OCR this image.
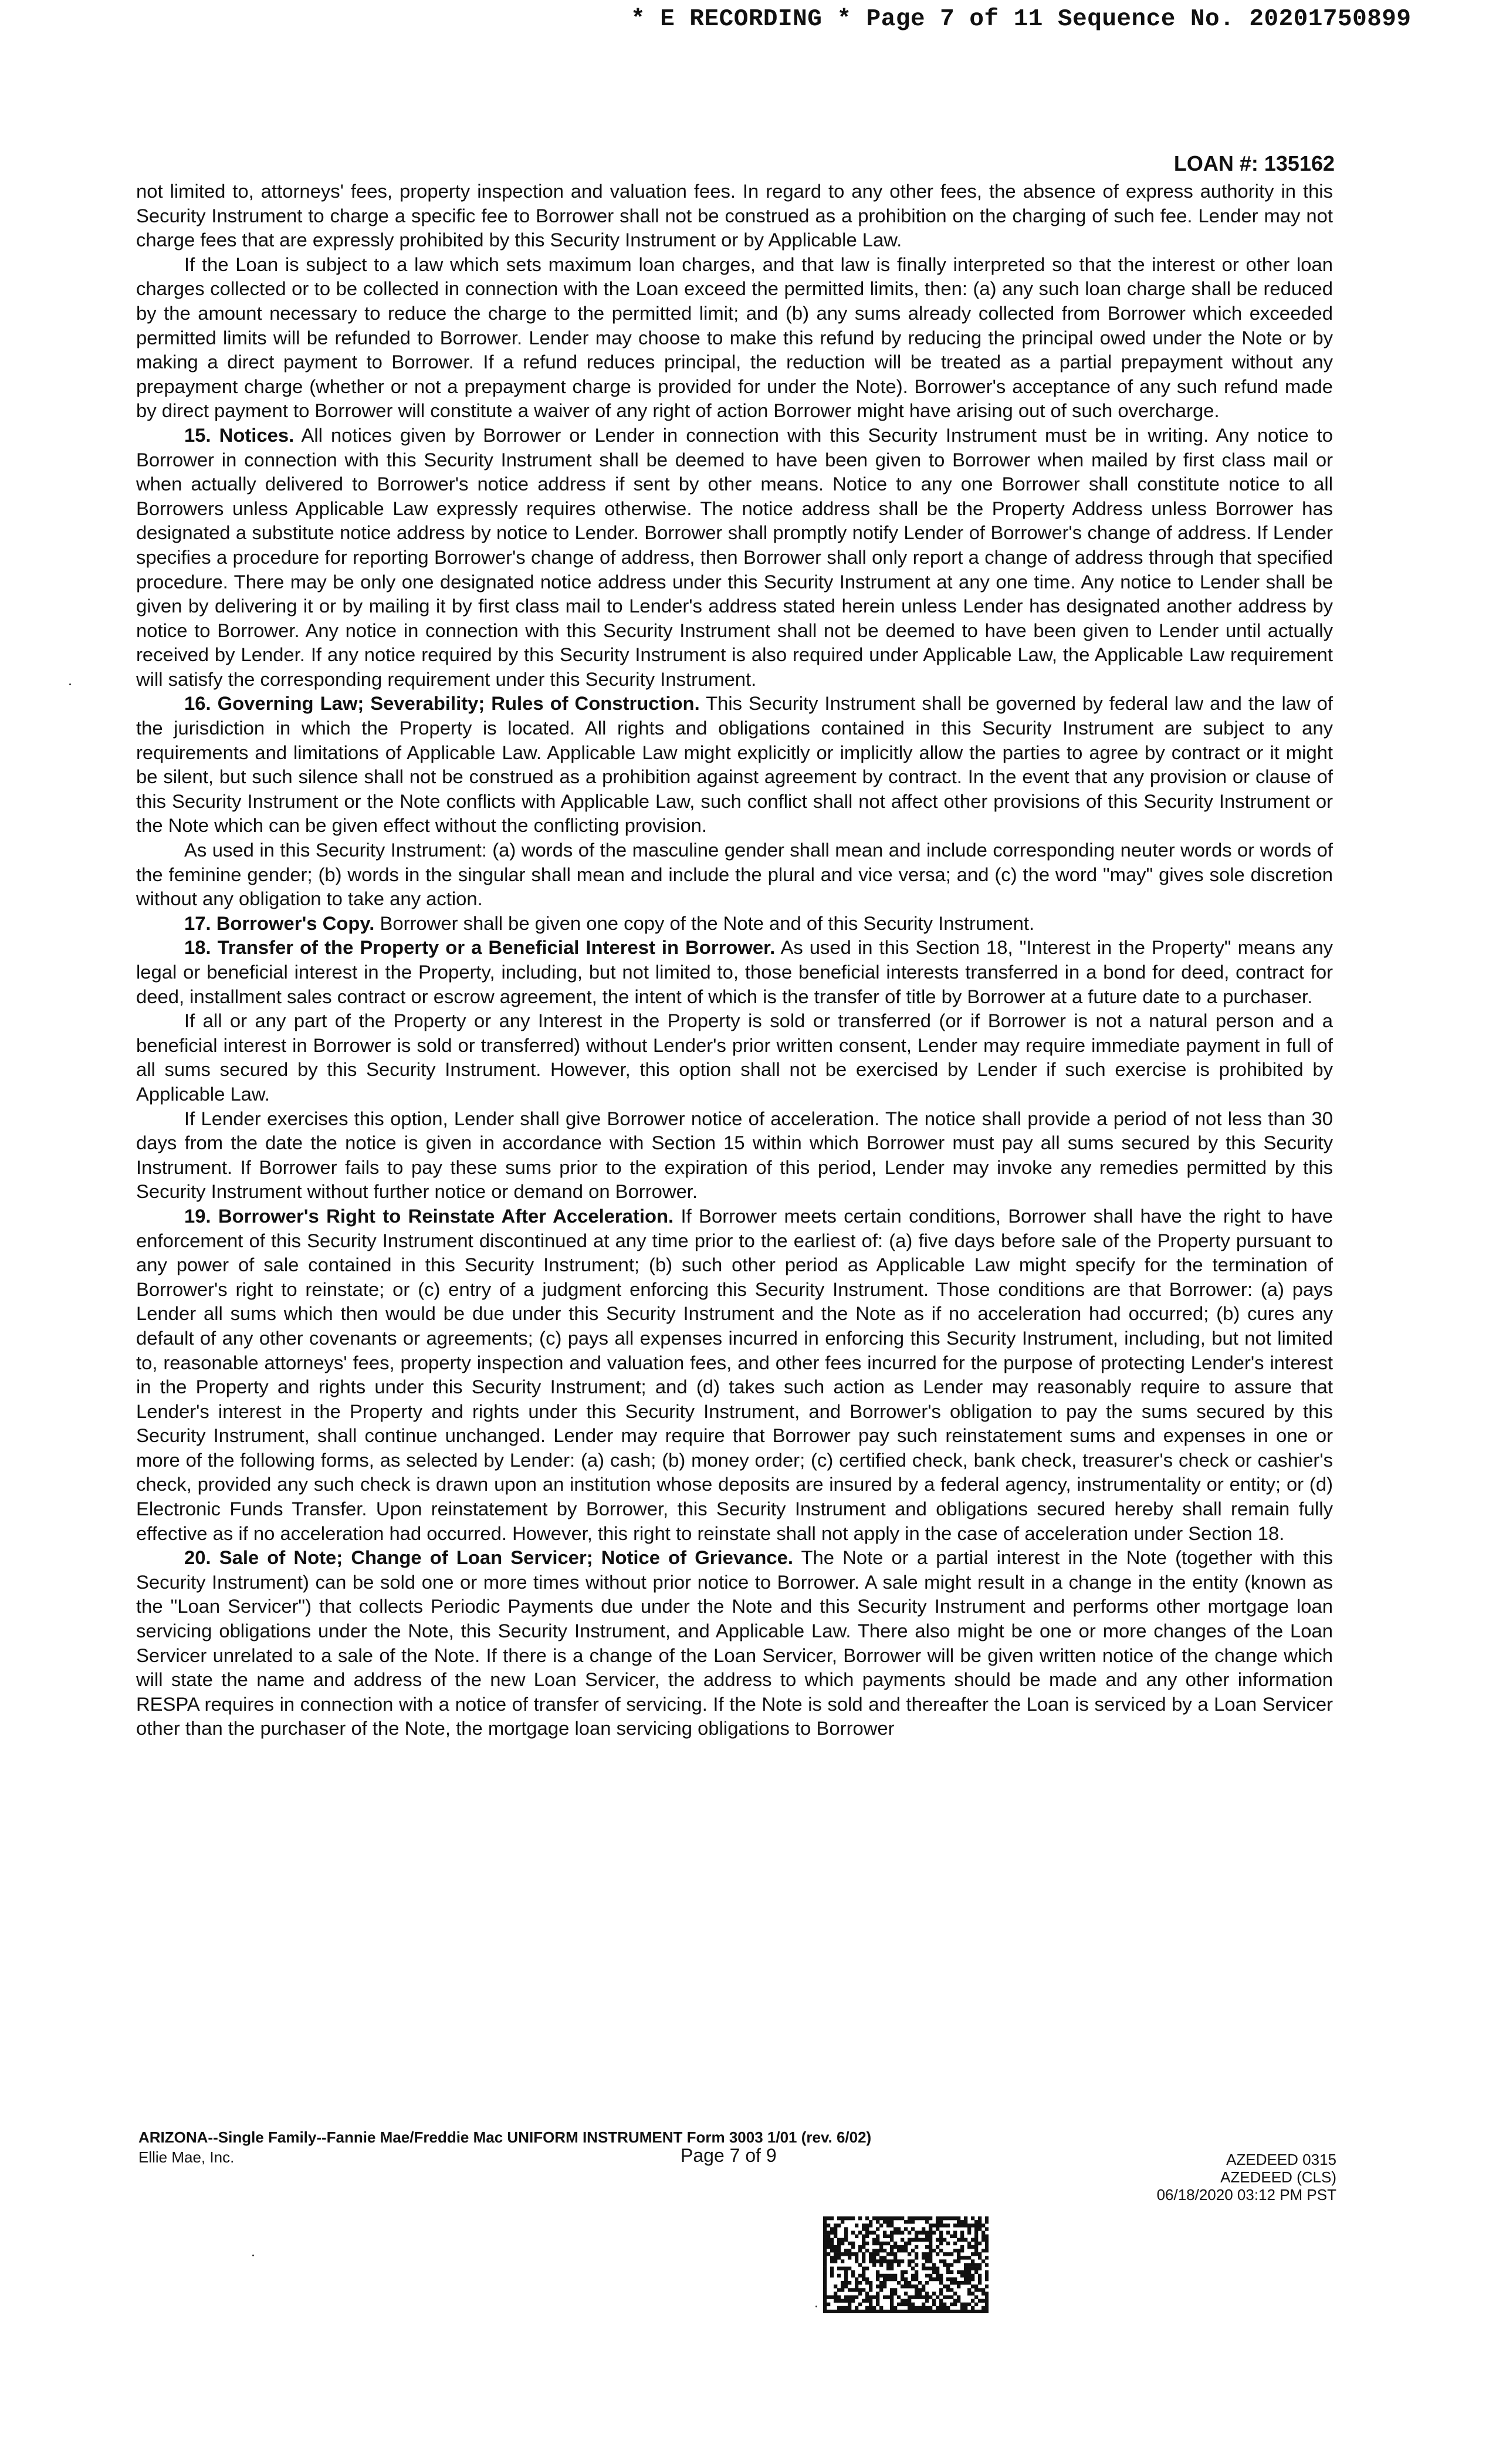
* E RECORDING * Page 7 of 11 Sequence No. 20201750899
LOAN #: 135162

not limited to, attorneys' fees, property inspection and valuation fees. In regard to any other fees, the absence of express authority in this Security Instrument to charge a specific fee to Borrower shall not be construed as a prohibition on the charging of such fee. Lender may not charge fees that are expressly prohibited by this Security Instrument or by Applicable Law.

If the Loan is subject to a law which sets maximum loan charges, and that law is finally interpreted so that the interest or other loan charges collected or to be collected in connection with the Loan exceed the permitted limits, then: (a) any such loan charge shall be reduced by the amount necessary to reduce the charge to the permitted limit; and (b) any sums already collected from Borrower which exceeded permitted limits will be refunded to Borrower. Lender may choose to make this refund by reducing the principal owed under the Note or by making a direct payment to Borrower. If a refund reduces principal, the reduction will be treated as a partial prepayment without any prepayment charge (whether or not a prepayment charge is provided for under the Note). Borrower's acceptance of any such refund made by direct payment to Borrower will constitute a waiver of any right of action Borrower might have arising out of such overcharge.

15. Notices. All notices given by Borrower or Lender in connection with this Security Instrument must be in writing. Any notice to Borrower in connection with this Security Instrument shall be deemed to have been given to Borrower when mailed by first class mail or when actually delivered to Borrower's notice address if sent by other means. Notice to any one Borrower shall constitute notice to all Borrowers unless Applicable Law expressly requires otherwise. The notice address shall be the Property Address unless Borrower has designated a substitute notice address by notice to Lender. Borrower shall promptly notify Lender of Borrower's change of address. If Lender specifies a procedure for reporting Borrower's change of address, then Borrower shall only report a change of address through that specified procedure. There may be only one designated notice address under this Security Instrument at any one time. Any notice to Lender shall be given by delivering it or by mailing it by first class mail to Lender's address stated herein unless Lender has designated another address by notice to Borrower. Any notice in connection with this Security Instrument shall not be deemed to have been given to Lender until actually received by Lender. If any notice required by this Security Instrument is also required under Applicable Law, the Applicable Law requirement will satisfy the corresponding requirement under this Security Instrument.

16. Governing Law; Severability; Rules of Construction. This Security Instrument shall be governed by federal law and the law of the jurisdiction in which the Property is located. All rights and obligations contained in this Security Instrument are subject to any requirements and limitations of Applicable Law. Applicable Law might explicitly or implicitly allow the parties to agree by contract or it might be silent, but such silence shall not be construed as a prohibition against agreement by contract. In the event that any provision or clause of this Security Instrument or the Note conflicts with Applicable Law, such conflict shall not affect other provisions of this Security Instrument or the Note which can be given effect without the conflicting provision.

As used in this Security Instrument: (a) words of the masculine gender shall mean and include corresponding neuter words or words of the feminine gender; (b) words in the singular shall mean and include the plural and vice versa; and (c) the word "may" gives sole discretion without any obligation to take any action.

17. Borrower's Copy. Borrower shall be given one copy of the Note and of this Security Instrument.

18. Transfer of the Property or a Beneficial Interest in Borrower. As used in this Section 18, "Interest in the Property" means any legal or beneficial interest in the Property, including, but not limited to, those beneficial interests transferred in a bond for deed, contract for deed, installment sales contract or escrow agreement, the intent of which is the transfer of title by Borrower at a future date to a purchaser.

If all or any part of the Property or any Interest in the Property is sold or transferred (or if Borrower is not a natural person and a beneficial interest in Borrower is sold or transferred) without Lender's prior written consent, Lender may require immediate payment in full of all sums secured by this Security Instrument. However, this option shall not be exercised by Lender if such exercise is prohibited by Applicable Law.

If Lender exercises this option, Lender shall give Borrower notice of acceleration. The notice shall provide a period of not less than 30 days from the date the notice is given in accordance with Section 15 within which Borrower must pay all sums secured by this Security Instrument. If Borrower fails to pay these sums prior to the expiration of this period, Lender may invoke any remedies permitted by this Security Instrument without further notice or demand on Borrower.

19. Borrower's Right to Reinstate After Acceleration. If Borrower meets certain conditions, Borrower shall have the right to have enforcement of this Security Instrument discontinued at any time prior to the earliest of: (a) five days before sale of the Property pursuant to any power of sale contained in this Security Instrument; (b) such other period as Applicable Law might specify for the termination of Borrower's right to reinstate; or (c) entry of a judgment enforcing this Security Instrument. Those conditions are that Borrower: (a) pays Lender all sums which then would be due under this Security Instrument and the Note as if no acceleration had occurred; (b) cures any default of any other covenants or agreements; (c) pays all expenses incurred in enforcing this Security Instrument, including, but not limited to, reasonable attorneys' fees, property inspection and valuation fees, and other fees incurred for the purpose of protecting Lender's interest in the Property and rights under this Security Instrument; and (d) takes such action as Lender may reasonably require to assure that Lender's interest in the Property and rights under this Security Instrument, and Borrower's obligation to pay the sums secured by this Security Instrument, shall continue unchanged. Lender may require that Borrower pay such reinstatement sums and expenses in one or more of the following forms, as selected by Lender: (a) cash; (b) money order; (c) certified check, bank check, treasurer's check or cashier's check, provided any such check is drawn upon an institution whose deposits are insured by a federal agency, instrumentality or entity; or (d) Electronic Funds Transfer. Upon reinstatement by Borrower, this Security Instrument and obligations secured hereby shall remain fully effective as if no acceleration had occurred. However, this right to reinstate shall not apply in the case of acceleration under Section 18.

20. Sale of Note; Change of Loan Servicer; Notice of Grievance. The Note or a partial interest in the Note (together with this Security Instrument) can be sold one or more times without prior notice to Borrower. A sale might result in a change in the entity (known as the "Loan Servicer") that collects Periodic Payments due under the Note and this Security Instrument and performs other mortgage loan servicing obligations under the Note, this Security Instrument, and Applicable Law. There also might be one or more changes of the Loan Servicer unrelated to a sale of the Note. If there is a change of the Loan Servicer, Borrower will be given written notice of the change which will state the name and address of the new Loan Servicer, the address to which payments should be made and any other information RESPA requires in connection with a notice of transfer of servicing. If the Note is sold and thereafter the Loan is serviced by a Loan Servicer other than the purchaser of the Note, the mortgage loan servicing obligations to Borrower

ARIZONA--Single Family--Fannie Mae/Freddie Mac UNIFORM INSTRUMENT Form 3003 1/01 (rev. 6/02)
Ellie Mae, Inc.	Page 7 of 9	AZEDEED 0315
AZEDEED (CLS)
06/18/2020 03:12 PM PST
